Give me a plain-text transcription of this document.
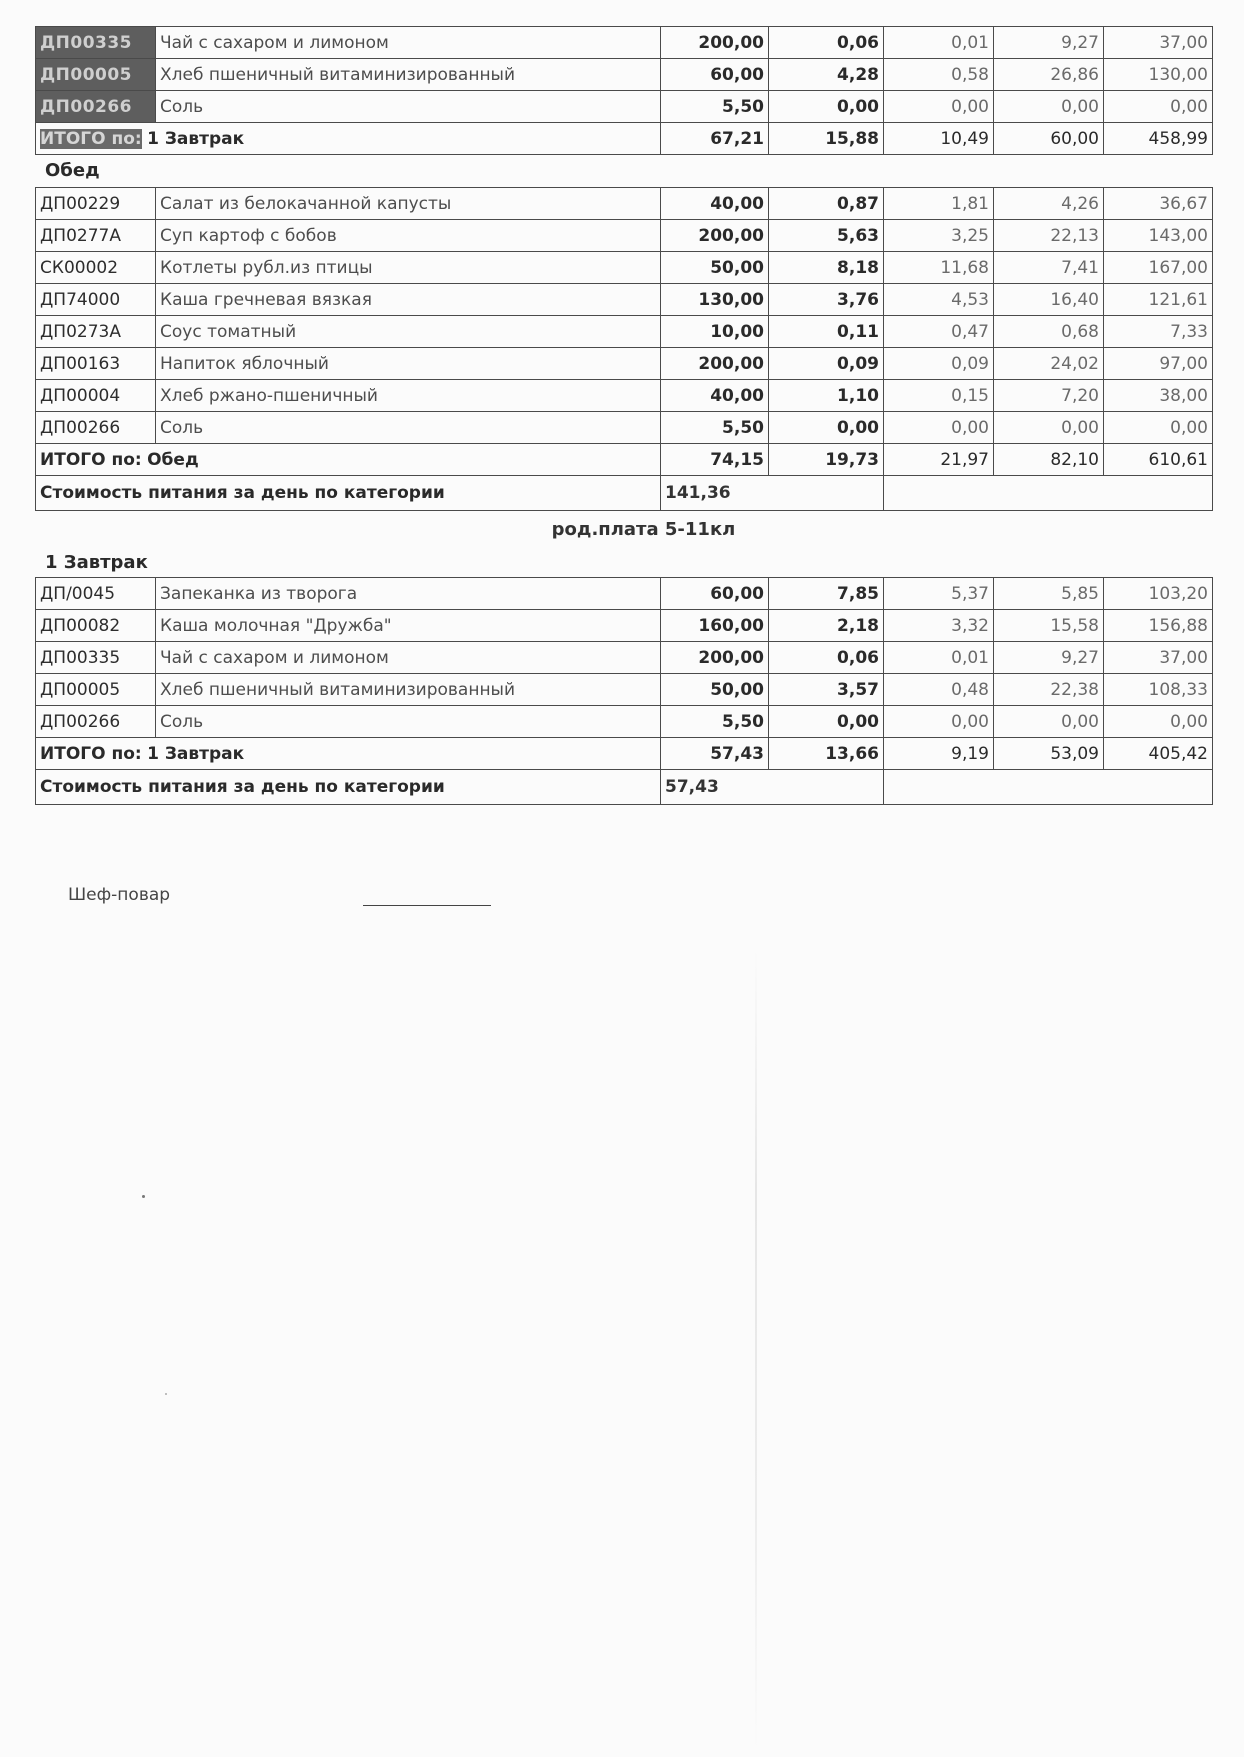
ДП00335	Чай с сахаром и лимоном	200,00	0,06	0,01	9,27	37,00
ДП00005	Хлеб пшеничный витаминизированный	60,00	4,28	0,58	26,86	130,00
ДП00266	Соль	5,50	0,00	0,00	0,00	0,00
ИТОГО по: 1 Завтрак		67,21	15,88	10,49	60,00	458,99
Обед
ДП00229	Салат из белокачанной капусты	40,00	0,87	1,81	4,26	36,67
ДП0277А	Суп картоф с бобов	200,00	5,63	3,25	22,13	143,00
СК00002	Котлеты рубл.из птицы	50,00	8,18	11,68	7,41	167,00
ДП74000	Каша гречневая вязкая	130,00	3,76	4,53	16,40	121,61
ДП0273А	Соус томатный	10,00	0,11	0,47	0,68	7,33
ДП00163	Напиток яблочный	200,00	0,09	0,09	24,02	97,00
ДП00004	Хлеб ржано-пшеничный	40,00	1,10	0,15	7,20	38,00
ДП00266	Соль	5,50	0,00	0,00	0,00	0,00
ИТОГО по: Обед		74,15	19,73	21,97	82,10	610,61
Стоимость питания за день по категории		141,36				
род.плата 5-11кл
1 Завтрак
ДП/0045	Запеканка из творога	60,00	7,85	5,37	5,85	103,20
ДП00082	Каша молочная "Дружба"	160,00	2,18	3,32	15,58	156,88
ДП00335	Чай с сахаром и лимоном	200,00	0,06	0,01	9,27	37,00
ДП00005	Хлеб пшеничный витаминизированный	50,00	3,57	0,48	22,38	108,33
ДП00266	Соль	5,50	0,00	0,00	0,00	0,00
ИТОГО по: 1 Завтрак		57,43	13,66	9,19	53,09	405,42
Стоимость питания за день по категории		57,43				
Шеф-повар
